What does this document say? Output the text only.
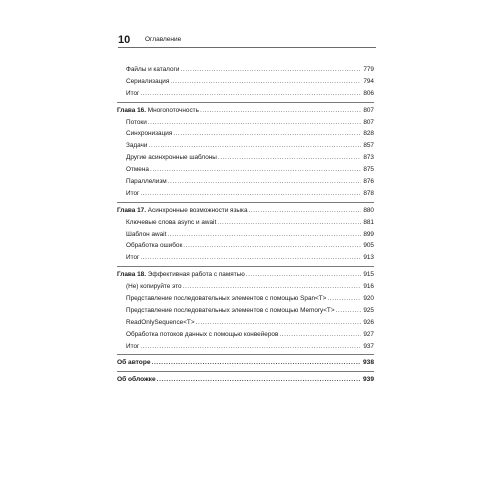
10 Оглавление
Файлы и каталоги .....	779
Сериализация .....	794
Итог .....	806
Глава 16. Многопоточность .....	807
Потоки .....	807
Синхронизация .....	828
Задачи .....	857
Другие асинхронные шаблоны .....	873
Отмена .....	875
Параллелизм .....	876
Итог .....	878
Глава 17. Асинхронные возможности языка .....	880
Ключевые слова async и await .....	881
Шаблон await .....	899
Обработка ошибок .....	905
Итог .....	913
Глава 18. Эффективная работа с памятью .....	915
(Не) копируйте это .....	916
Представление последовательных элементов с помощью Span<T> .....	920
Представление последовательных элементов с помощью Memory<T> .....	925
ReadOnlySequence<T> .....	926
Обработка потоков данных с помощью конвейеров .....	927
Итог .....	937
Об авторе .....	938
Об обложке .....	939
